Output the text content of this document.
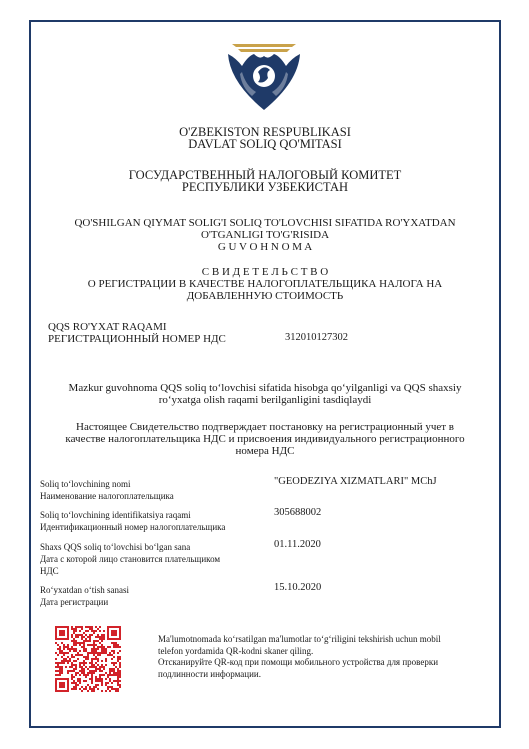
O'ZBEKISTON RESPUBLIKASI
DAVLAT SOLIQ QO'MITASI
ГОСУДАРСТВЕННЫЙ НАЛОГОВЫЙ КОМИТЕТ
РЕСПУБЛИКИ УЗБЕКИСТАН
QO'SHILGAN QIYMAT SOLIG'I SOLIQ TO'LOVCHISI SIFATIDA RO'YXATDAN
O'TGANLIGI TO'G'RISIDA
G U V O H N O M A
С В И Д Е Т Е Л Ь С Т В О
О РЕГИСТРАЦИИ В КАЧЕСТВЕ НАЛОГОПЛАТЕЛЬЩИКА НАЛОГА НА
ДОБАВЛЕННУЮ СТОИМОСТЬ
QQS RO'YXAT RAQAMI
РЕГИСТРАЦИОННЫЙ НОМЕР НДС	312010127302
Mazkur guvohnoma QQS soliq to‘lovchisi sifatida hisobga qo‘yilganligi va QQS shaxsiy
ro‘yxatga olish raqami berilganligini tasdiqlaydi
Настоящее Свидетельство подтверждает постановку на регистрационный учет в
качестве налогоплательщика НДС и присвоения индивидуального регистрационного
номера НДС
Soliq to‘lovchining nomi
Наименование налогоплательщика
"GEODEZIYA XIZMATLARI" MChJ
Soliq to‘lovchining identifikatsiya raqami
Идентификационный номер налогоплательщика
305688002
Shaxs QQS soliq to‘lovchisi bo‘lgan sana
Дата с которой лицо становится плательщиком
НДС
01.11.2020
Ro‘yxatdan o‘tish sanasi
Дата регистрации
15.10.2020
Ma'lumotnomada ko‘rsatilgan ma'lumotlar to‘g‘riligini tekshirish uchun mobil
telefon yordamida QR-kodni skaner qiling.
Отсканируйте QR-код при помощи мобильного устройства для проверки
подлинности информации.
